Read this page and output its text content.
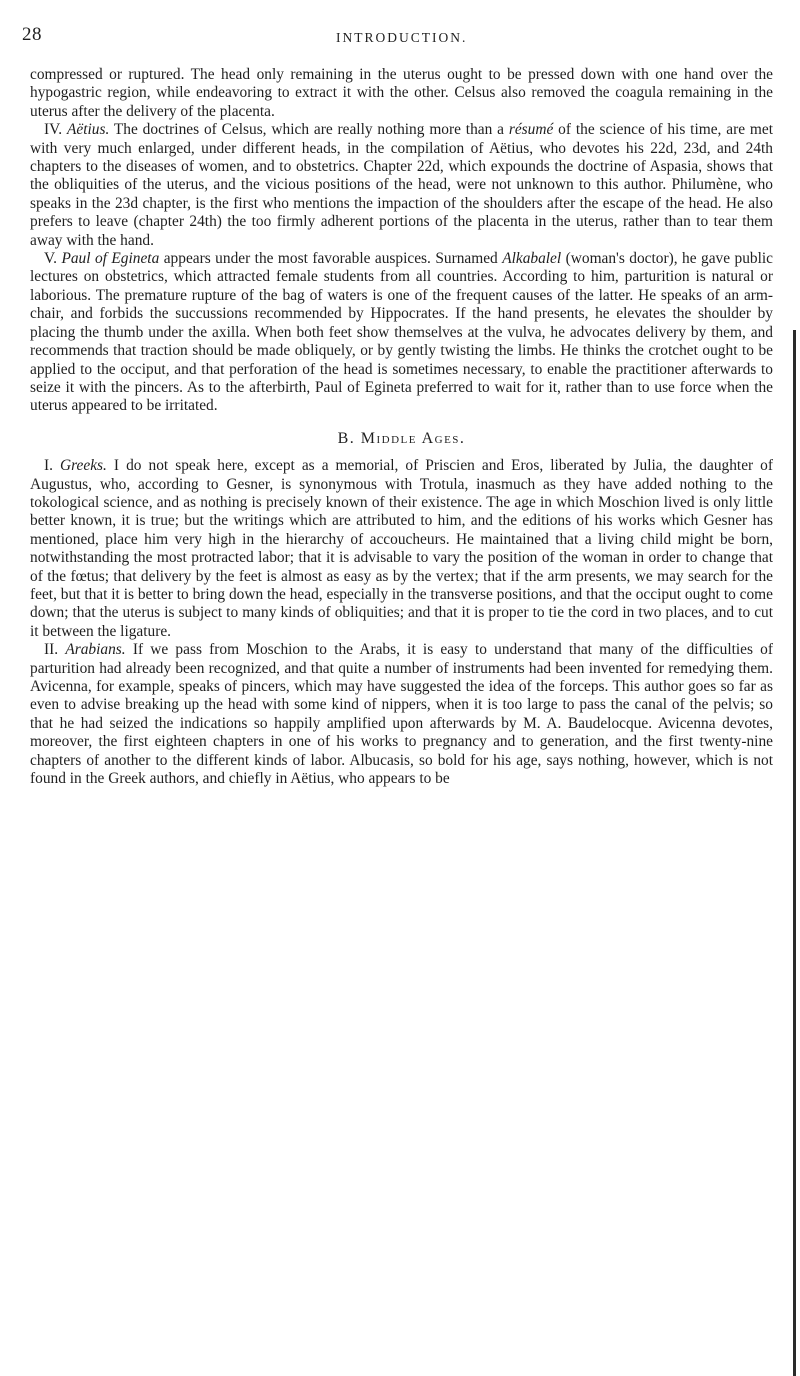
28	INTRODUCTION.

compressed or ruptured. The head only remaining in the uterus ought to be pressed down with one hand over the hypogastric region, while endeavoring to extract it with the other. Celsus also removed the coagula remaining in the uterus after the delivery of the placenta.

IV. Aëtius. The doctrines of Celsus, which are really nothing more than a résumé of the science of his time, are met with very much enlarged, under different heads, in the compilation of Aëtius, who devotes his 22d, 23d, and 24th chapters to the diseases of women, and to obstetrics. Chapter 22d, which expounds the doctrine of Aspasia, shows that the obliquities of the uterus, and the vicious positions of the head, were not unknown to this author. Philumène, who speaks in the 23d chapter, is the first who mentions the impaction of the shoulders after the escape of the head. He also prefers to leave (chapter 24th) the too firmly adherent portions of the placenta in the uterus, rather than to tear them away with the hand.

V. Paul of Egineta appears under the most favorable auspices. Surnamed Alkabalel (woman's doctor), he gave public lectures on obstetrics, which attracted female students from all countries. According to him, parturition is natural or laborious. The premature rupture of the bag of waters is one of the frequent causes of the latter. He speaks of an arm-chair, and forbids the succussions recommended by Hippocrates. If the hand presents, he elevates the shoulder by placing the thumb under the axilla. When both feet show themselves at the vulva, he advocates delivery by them, and recommends that traction should be made obliquely, or by gently twisting the limbs. He thinks the crotchet ought to be applied to the occiput, and that perforation of the head is sometimes necessary, to enable the practitioner afterwards to seize it with the pincers. As to the afterbirth, Paul of Egineta preferred to wait for it, rather than to use force when the uterus appeared to be irritated.

B. Middle Ages.

I. Greeks. I do not speak here, except as a memorial, of Priscien and Eros, liberated by Julia, the daughter of Augustus, who, according to Gesner, is synonymous with Trotula, inasmuch as they have added nothing to the tokological science, and as nothing is precisely known of their existence. The age in which Moschion lived is only little better known, it is true; but the writings which are attributed to him, and the editions of his works which Gesner has mentioned, place him very high in the hierarchy of accoucheurs. He maintained that a living child might be born, notwithstanding the most protracted labor; that it is advisable to vary the position of the woman in order to change that of the fœtus; that delivery by the feet is almost as easy as by the vertex; that if the arm presents, we may search for the feet, but that it is better to bring down the head, especially in the transverse positions, and that the occiput ought to come down; that the uterus is subject to many kinds of obliquities; and that it is proper to tie the cord in two places, and to cut it between the ligature.

II. Arabians. If we pass from Moschion to the Arabs, it is easy to understand that many of the difficulties of parturition had already been recognized, and that quite a number of instruments had been invented for remedying them. Avicenna, for example, speaks of pincers, which may have suggested the idea of the forceps. This author goes so far as even to advise breaking up the head with some kind of nippers, when it is too large to pass the canal of the pelvis; so that he had seized the indications so happily amplified upon afterwards by M. A. Baudelocque. Avicenna devotes, moreover, the first eighteen chapters in one of his works to pregnancy and to generation, and the first twenty-nine chapters of another to the different kinds of labor. Albucasis, so bold for his age, says nothing, however, which is not found in the Greek authors, and chiefly in Aëtius, who appears to be
